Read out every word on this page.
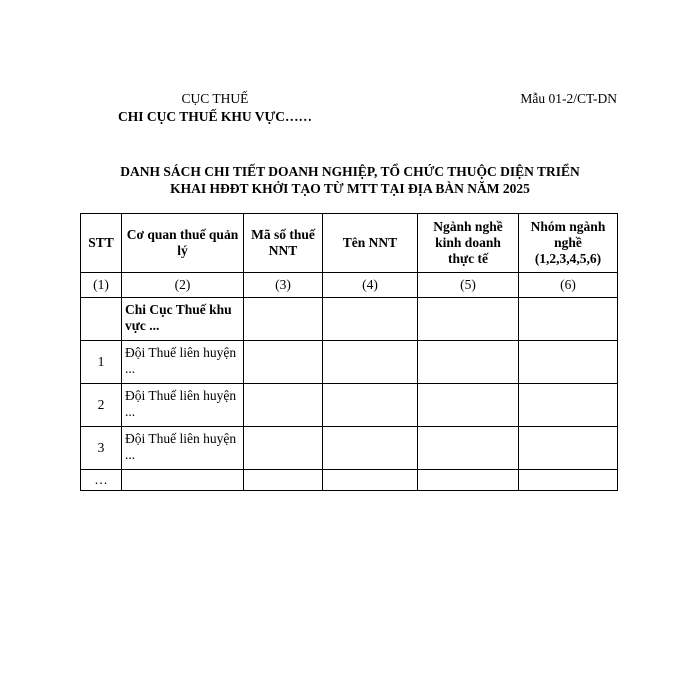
CỤC THUẾ
CHI CỤC THUẾ KHU VỰC……
Mẫu 01-2/CT-DN
DANH SÁCH CHI TIẾT DOANH NGHIỆP, TỔ CHỨC THUỘC DIỆN TRIỂN
KHAI HĐĐT KHỞI TẠO TỪ MTT TẠI ĐỊA BÀN NĂM 2025
STT	Cơ quan thuế quản lý	Mã số thuế NNT	Tên NNT	Ngành nghề kinh doanh thực tế	Nhóm ngành nghề (1,2,3,4,5,6)
(1)	(2)	(3)	(4)	(5)	(6)
	Chi Cục Thuế khu vực ...				
1	Đội Thuế liên huyện ...				
2	Đội Thuế liên huyện ...				
3	Đội Thuế liên huyện ...				
…					
